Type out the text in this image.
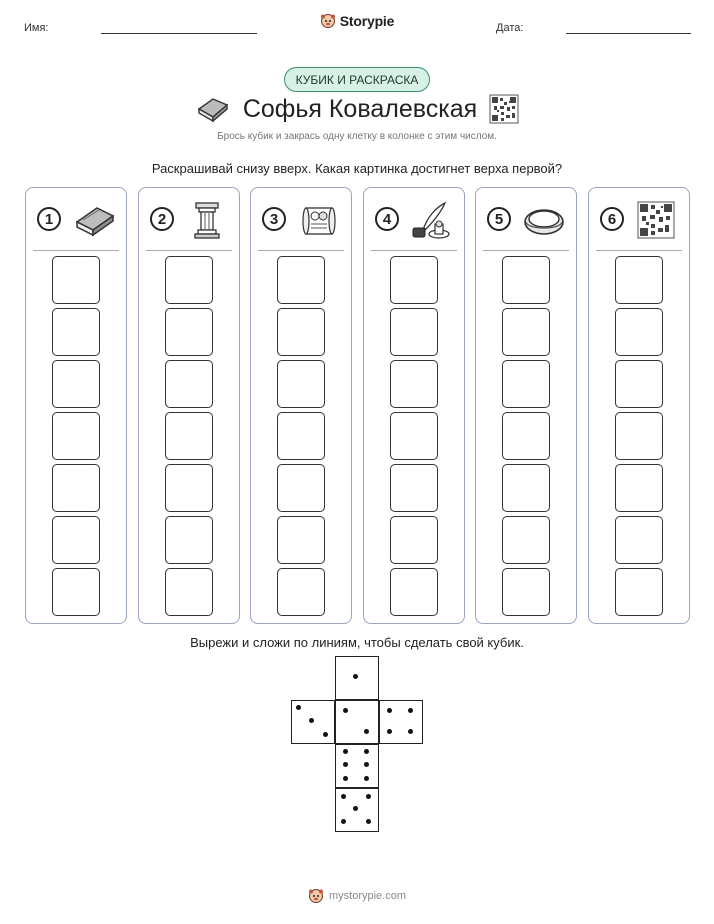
Имя:	Storypie	Дата:
КУБИК И РАСКРАСКА
Софья Ковалевская
Брось кубик и закрась одну клетку в колонке с этим числом.
Раскрашивай снизу вверх. Какая картинка достигнет верха первой?
1	2	3	4	5	6
Вырежи и сложи по линиям, чтобы сделать свой кубик.
mystorypie.com
